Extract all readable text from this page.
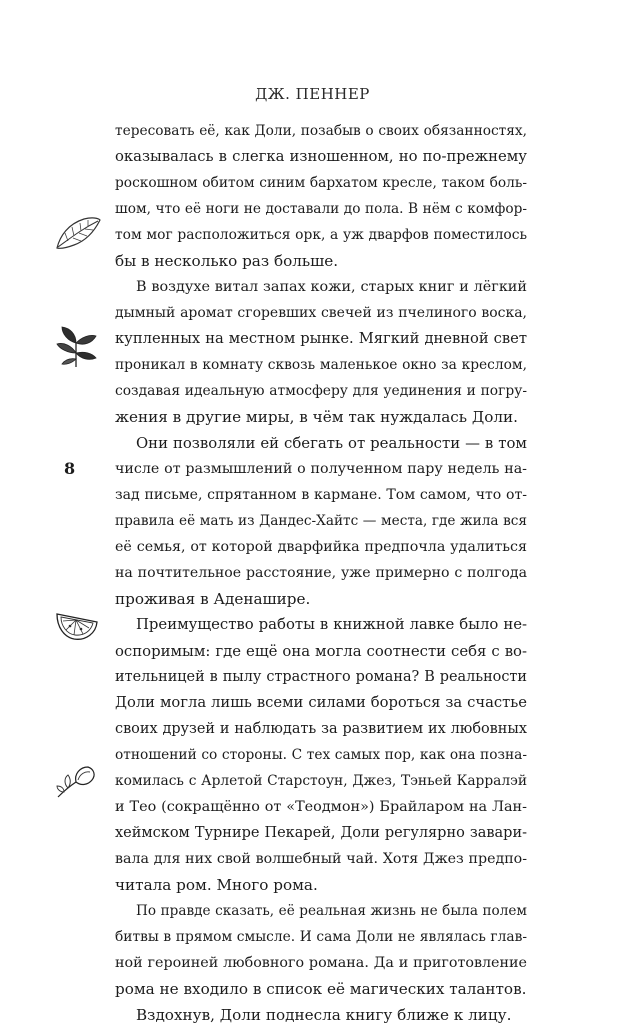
ДЖ. ПЕННЕР
8
тересовать её, как Доли, позабыв о своих обязанностях,
оказывалась в слегка изношенном, но по-прежнему
роскошном обитом синим бархатом кресле, таком боль-
шом, что её ноги не доставали до пола. В нём с комфор-
том мог расположиться орк, а уж дварфов поместилось
бы в несколько раз больше.
В воздухе витал запах кожи, старых книг и лёгкий
дымный аромат сгоревших свечей из пчелиного воска,
купленных на местном рынке. Мягкий дневной свет
проникал в комнату сквозь маленькое окно за креслом,
создавая идеальную атмосферу для уединения и погру-
жения в другие миры, в чём так нуждалась Доли.
Они позволяли ей сбегать от реальности — в том
числе от размышлений о полученном пару недель на-
зад письме, спрятанном в кармане. Том самом, что от-
правила её мать из Дандес-Хайтс — места, где жила вся
её семья, от которой дварфийка предпочла удалиться
на почтительное расстояние, уже примерно с полгода
проживая в Аденашире.
Преимущество работы в книжной лавке было не-
оспоримым: где ещё она могла соотнести себя с во-
ительницей в пылу страстного романа? В реальности
Доли могла лишь всеми силами бороться за счастье
своих друзей и наблюдать за развитием их любовных
отношений со стороны. С тех самых пор, как она позна-
комилась с Арлетой Старстоун, Джез, Тэньей Карралэй
и Тео (сокращённо от «Теодмон») Брайларом на Лан-
хеймском Турнире Пекарей, Доли регулярно завари-
вала для них свой волшебный чай. Хотя Джез предпо-
читала ром. Много рома.
По правде сказать, её реальная жизнь не была полем
битвы в прямом смысле. И сама Доли не являлась глав-
ной героиней любовного романа. Да и приготовление
рома не входило в список её магических талантов.
Вздохнув, Доли поднесла книгу ближе к лицу.
